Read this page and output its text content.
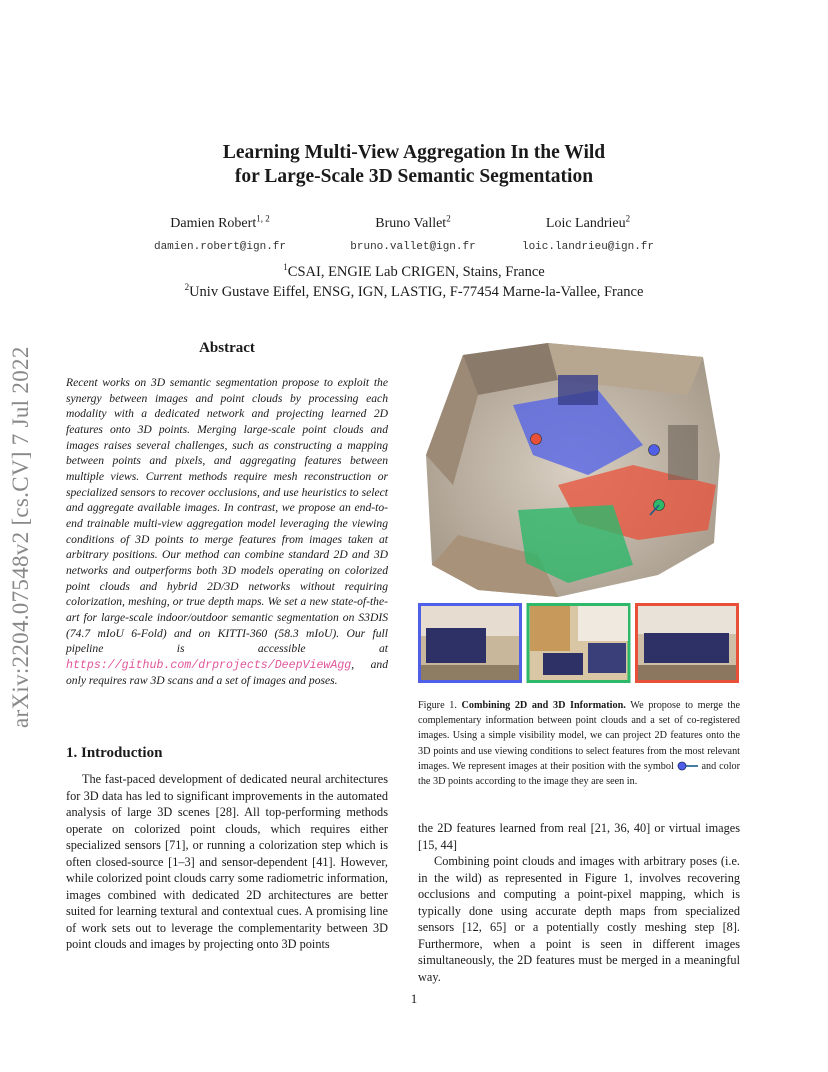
Learning Multi-View Aggregation In the Wild
for Large-Scale 3D Semantic Segmentation
Damien Robert$^{1, 2}$
damien.robert@ign.fr
Bruno Vallet$^2$
bruno.vallet@ign.fr
Loic Landrieu$^2$
loic.landrieu@ign.fr
$^1$CSAI, ENGIE Lab CRIGEN, Stains, France
$^2$Univ Gustave Eiffel, ENSG, IGN, LASTIG, F-77454 Marne-la-Vallee, France
arXiv:2204.07548v2 [cs.CV] 7 Jul 2022	Abstract
Recent works on 3D semantic segmentation propose to exploit the synergy between images and point clouds by processing each modality with a dedicated network and projecting learned 2D features onto 3D points. Merging large-scale point clouds and images raises several challenges, such as constructing a mapping between points and pixels, and aggregating features between multiple views. Current methods require mesh reconstruction or specialized sensors to recover occlusions, and use heuristics to select and aggregate available images. In contrast, we propose an end-to-end trainable multi-view aggregation model leveraging the viewing conditions of 3D points to merge features from images taken at arbitrary positions. Our method can combine standard 2D and 3D networks and outperforms both 3D models operating on colorized point clouds and hybrid 2D/3D networks without requiring colorization, meshing, or true depth maps. We set a new state-of-the-art for large-scale indoor/outdoor semantic segmentation on S3DIS (74.7 mIoU 6-Fold) and on KITTI-360 (58.3 mIoU). Our full pipeline is accessible at https://github.com/drprojects/DeepViewAgg, and only requires raw 3D scans and a set of images and poses.
1. Introduction

The fast-paced development of dedicated neural architectures for 3D data has led to significant improvements in the automated analysis of large 3D scenes [28]. All top-performing methods operate on colorized point clouds, which requires either specialized sensors [71], or running a colorization step which is often closed-source [1–3] and sensor-dependent [41]. However, while colorized point clouds carry some radiometric information, images combined with dedicated 2D architectures are better suited for learning textural and contextual cues. A promising line of work sets out to leverage the complementarity between 3D point clouds and images by projecting onto 3D points

the 2D features learned from real [21, 36, 40] or virtual images [15, 44]

Combining point clouds and images with arbitrary poses (i.e. in the wild) as represented in Figure 1, involves recovering occlusions and computing a point-pixel mapping, which is typically done using accurate depth maps from specialized sensors [12, 65] or a potentially costly meshing step [8]. Furthermore, when a point is seen in different images simultaneously, the 2D features must be merged in a meaningful way.

Figure 1. Combining 2D and 3D Information. We propose to merge the complementary information between point clouds and a set of co-registered images. Using a simple visibility model, we can project 2D features onto the 3D points and use viewing conditions to select features from the most relevant images. We represent images at their position with the symbol	and color the 3D points according to the image they are seen in.
1
